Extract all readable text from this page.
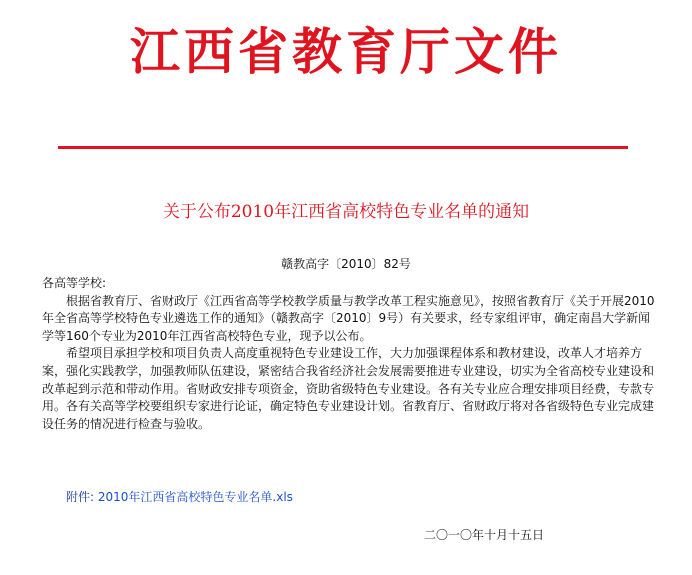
江西省教育厅文件
关于公布2010年江西省高校特色专业名单的通知
赣教高字〔2010〕82号

各高等学校:

根据省教育厅、省财政厅《江西省高等学校教学质量与教学改革工程实施意见》，按照省教育厅《关于开展2010年全省高等学校特色专业遴选工作的通知》（赣教高字〔2010〕9号）有关要求，经专家组评审，确定南昌大学新闻学等160个专业为2010年江西省高校特色专业，现予以公布。

希望项目承担学校和项目负责人高度重视特色专业建设工作，大力加强课程体系和教材建设，改革人才培养方案，强化实践教学，加强教师队伍建设，紧密结合我省经济社会发展需要推进专业建设，切实为全省高校专业建设和改革起到示范和带动作用。省财政安排专项资金，资助省级特色专业建设。各有关专业应合理安排项目经费，专款专用。各有关高等学校要组织专家进行论证，确定特色专业建设计划。省教育厅、省财政厅将对各省级特色专业完成建设任务的情况进行检查与验收。

附件: 2010年江西省高校特色专业名单.xls
二〇一〇年十月十五日
